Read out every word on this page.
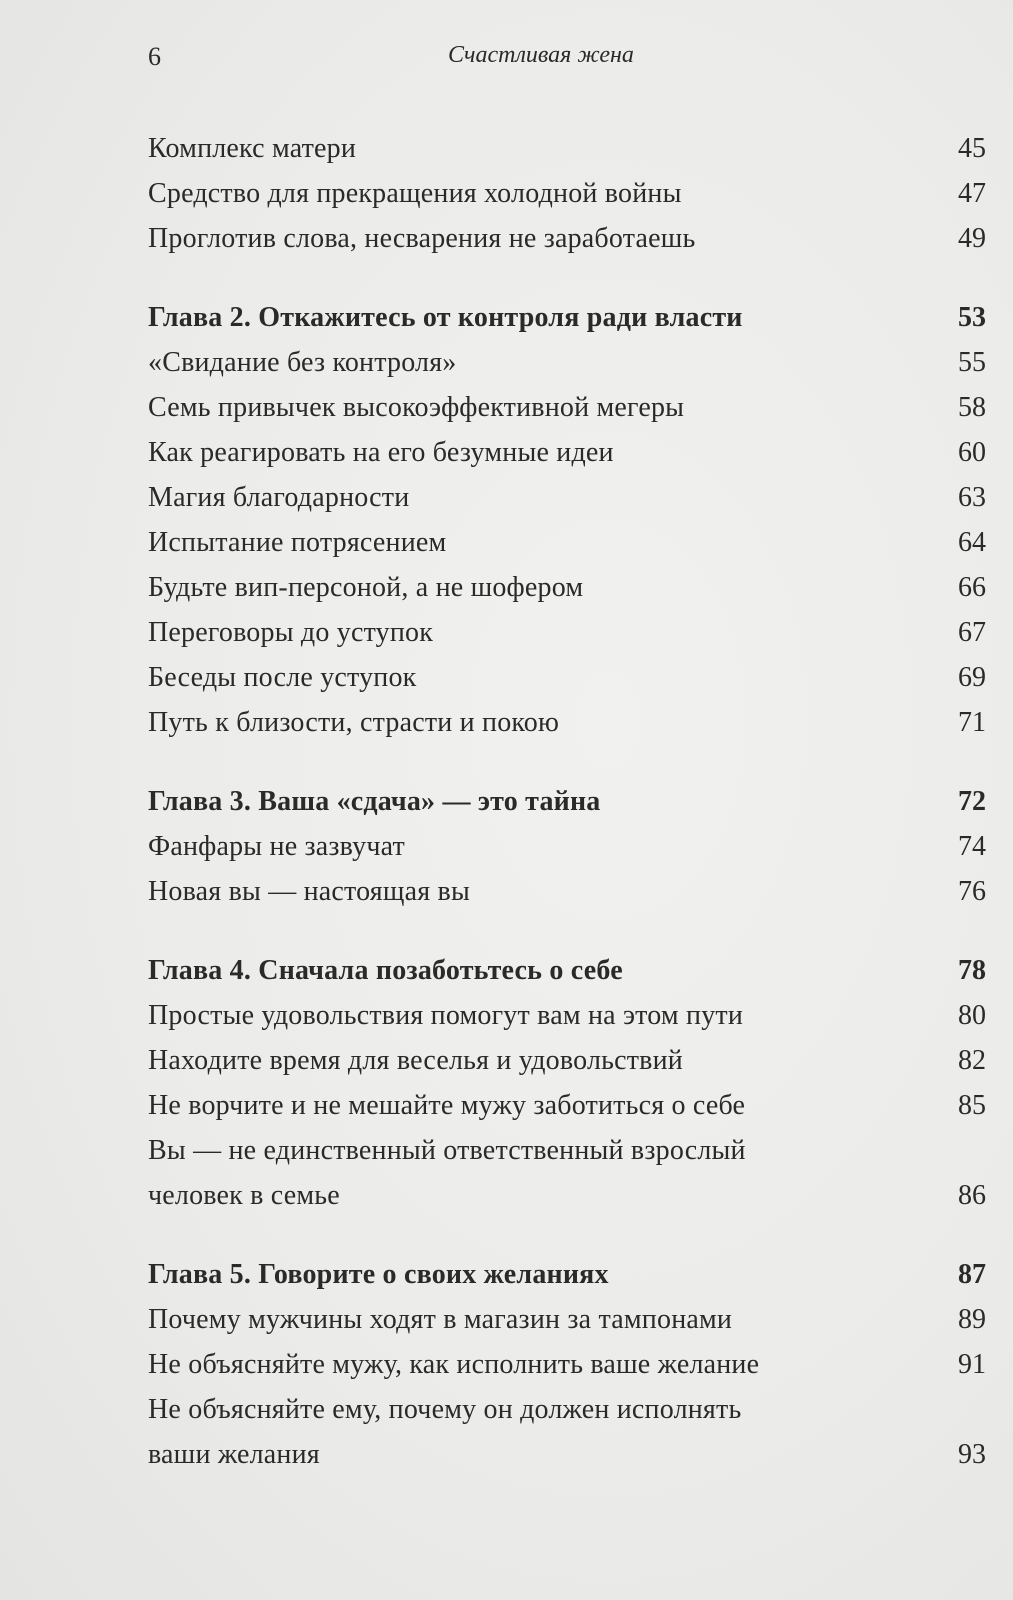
6	Счастливая жена
Комплекс матери	45
Средство для прекращения холодной войны	47
Проглотив слова, несварения не заработаешь	49
Глава 2. Откажитесь от контроля ради власти	53
«Свидание без контроля»	55
Семь привычек высокоэффективной мегеры	58
Как реагировать на его безумные идеи	60
Магия благодарности	63
Испытание потрясением	64
Будьте вип-персоной, а не шофером	66
Переговоры до уступок	67
Беседы после уступок	69
Путь к близости, страсти и покою	71
Глава 3. Ваша «сдача» — это тайна	72
Фанфары не зазвучат	74
Новая вы — настоящая вы	76
Глава 4. Сначала позаботьтесь о себе	78
Простые удовольствия помогут вам на этом пути	80
Находите время для веселья и удовольствий	82
Не ворчите и не мешайте мужу заботиться о себе	85
Вы — не единственный ответственный взрослый человек в семье	86
Глава 5. Говорите о своих желаниях	87
Почему мужчины ходят в магазин за тампонами	89
Не объясняйте мужу, как исполнить ваше желание	91
Не объясняйте ему, почему он должен исполнять ваши желания	93
